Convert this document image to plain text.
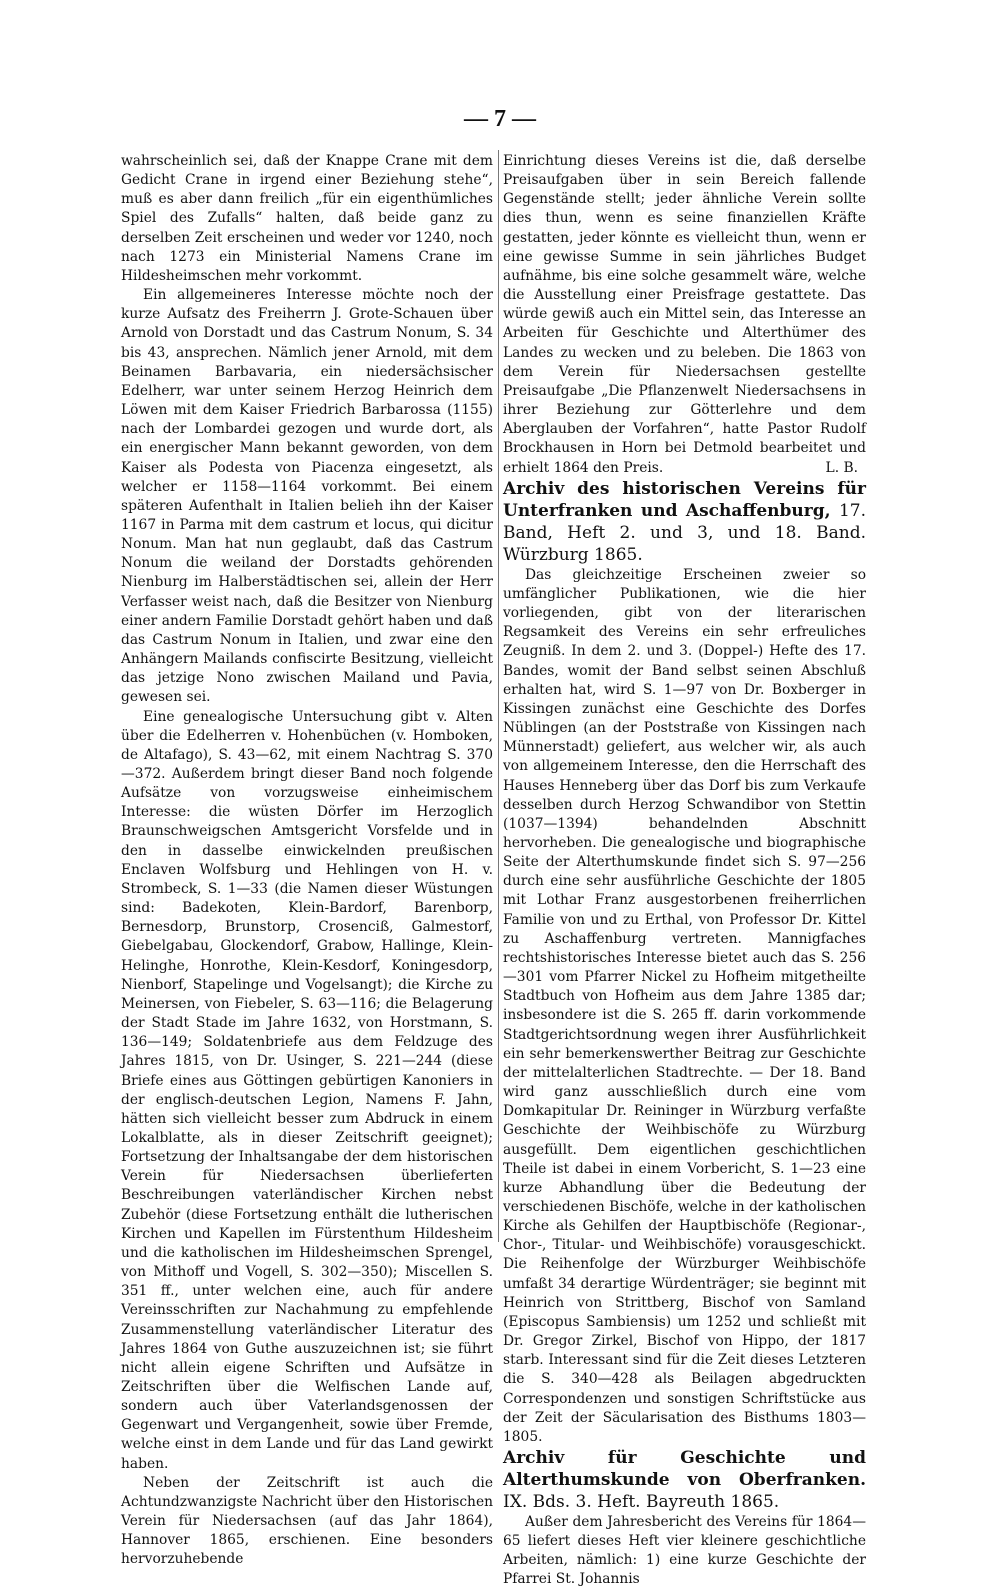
— 7 —

wahrscheinlich sei, daß der Knappe Crane mit dem Gedicht Crane in irgend einer Beziehung stehe“, muß es aber dann freilich „für ein eigenthümliches Spiel des Zufalls“ halten, daß beide ganz zu derselben Zeit erscheinen und weder vor 1240, noch nach 1273 ein Ministerial Namens Crane im Hildesheimschen mehr vorkommt.

Ein allgemeineres Interesse möchte noch der kurze Aufsatz des Freiherrn J. Grote-Schauen über Arnold von Dorstadt und das Castrum Nonum, S. 34 bis 43, ansprechen. Nämlich jener Arnold, mit dem Beinamen Barbavaria, ein niedersächsischer Edelherr, war unter seinem Herzog Heinrich dem Löwen mit dem Kaiser Friedrich Barbarossa (1155) nach der Lombardei gezogen und wurde dort, als ein energischer Mann bekannt geworden, von dem Kaiser als Podesta von Piacenza eingesetzt, als welcher er 1158—1164 vorkommt. Bei einem späteren Aufenthalt in Italien belieh ihn der Kaiser 1167 in Parma mit dem castrum et locus, qui dicitur Nonum. Man hat nun geglaubt, daß das Castrum Nonum die weiland der Dorstadts gehörenden Nienburg im Halberstädtischen sei, allein der Herr Verfasser weist nach, daß die Besitzer von Nienburg einer andern Familie Dorstadt gehört haben und daß das Castrum Nonum in Italien, und zwar eine den Anhängern Mailands confiscirte Besitzung, vielleicht das jetzige Nono zwischen Mailand und Pavia, gewesen sei.

Eine genealogische Untersuchung gibt v. Alten über die Edelherren v. Hohenbüchen (v. Homboken, de Altafago), S. 43—62, mit einem Nachtrag S. 370—372. Außerdem bringt dieser Band noch folgende Aufsätze von vorzugsweise einheimischem Interesse: die wüsten Dörfer im Herzoglich Braunschweigschen Amtsgericht Vorsfelde und in den in dasselbe einwickelnden preußischen Enclaven Wolfsburg und Hehlingen von H. v. Strombeck, S. 1—33 (die Namen dieser Wüstungen sind: Badekoten, Klein-Bardorf, Barenborp, Bernesdorp, Brunstorp, Crosenciß, Galmestorf, Giebelgabau, Glockendorf, Grabow, Hallinge, Klein-Helinghe, Honrothe, Klein-Kesdorf, Koningesdorp, Nienborf, Stapelinge und Vogelsangt); die Kirche zu Meinersen, von Fiebeler, S. 63—116; die Belagerung der Stadt Stade im Jahre 1632, von Horstmann, S. 136—149; Soldatenbriefe aus dem Feldzuge des Jahres 1815, von Dr. Usinger, S. 221—244 (diese Briefe eines aus Göttingen gebürtigen Kanoniers in der englisch-deutschen Legion, Namens F. Jahn, hätten sich vielleicht besser zum Abdruck in einem Lokalblatte, als in dieser Zeitschrift geeignet); Fortsetzung der Inhaltsangabe der dem historischen Verein für Niedersachsen überlieferten Beschreibungen vaterländischer Kirchen nebst Zubehör (diese Fortsetzung enthält die lutherischen Kirchen und Kapellen im Fürstenthum Hildesheim und die katholischen im Hildesheimschen Sprengel, von Mithoff und Vogell, S. 302—350); Miscellen S. 351 ff., unter welchen eine, auch für andere Vereinsschriften zur Nachahmung zu empfehlende Zusammenstellung vaterländischer Literatur des Jahres 1864 von Guthe auszuzeichnen ist; sie führt nicht allein eigene Schriften und Aufsätze in Zeitschriften über die Welfischen Lande auf, sondern auch über Vaterlandsgenossen der Gegenwart und Vergangenheit, sowie über Fremde, welche einst in dem Lande und für das Land gewirkt haben.

Neben der Zeitschrift ist auch die Achtundzwanzigste Nachricht über den Historischen Verein für Niedersachsen (auf das Jahr 1864), Hannover 1865, erschienen. Eine besonders hervorzuhebende

Einrichtung dieses Vereins ist die, daß derselbe Preisaufgaben über in sein Bereich fallende Gegenstände stellt; jeder ähnliche Verein sollte dies thun, wenn es seine finanziellen Kräfte gestatten, jeder könnte es vielleicht thun, wenn er eine gewisse Summe in sein jährliches Budget aufnähme, bis eine solche gesammelt wäre, welche die Ausstellung einer Preisfrage gestattete. Das würde gewiß auch ein Mittel sein, das Interesse an Arbeiten für Geschichte und Alterthümer des Landes zu wecken und zu beleben. Die 1863 von dem Verein für Niedersachsen gestellte Preisaufgabe „Die Pflanzenwelt Niedersachsens in ihrer Beziehung zur Götterlehre und dem Aberglauben der Vorfahren“, hatte Pastor Rudolf Brockhausen in Horn bei Detmold bearbeitet und erhielt 1864 den Preis.	L. B.

Archiv des historischen Vereins für Unterfranken und Aschaffenburg, 17. Band, Heft 2. und 3, und 18. Band. Würzburg 1865.

Das gleichzeitige Erscheinen zweier so umfänglicher Publikationen, wie die hier vorliegenden, gibt von der literarischen Regsamkeit des Vereins ein sehr erfreuliches Zeugniß. In dem 2. und 3. (Doppel-) Hefte des 17. Bandes, womit der Band selbst seinen Abschluß erhalten hat, wird S. 1—97 von Dr. Boxberger in Kissingen zunächst eine Geschichte des Dorfes Nüblingen (an der Poststraße von Kissingen nach Münnerstadt) geliefert, aus welcher wir, als auch von allgemeinem Interesse, den die Herrschaft des Hauses Henneberg über das Dorf bis zum Verkaufe desselben durch Herzog Schwandibor von Stettin (1037—1394) behandelnden Abschnitt hervorheben. Die genealogische und biographische Seite der Alterthumskunde findet sich S. 97—256 durch eine sehr ausführliche Geschichte der 1805 mit Lothar Franz ausgestorbenen freiherrlichen Familie von und zu Erthal, von Professor Dr. Kittel zu Aschaffenburg vertreten. Mannigfaches rechtshistorisches Interesse bietet auch das S. 256—301 vom Pfarrer Nickel zu Hofheim mitgetheilte Stadtbuch von Hofheim aus dem Jahre 1385 dar; insbesondere ist die S. 265 ff. darin vorkommende Stadtgerichtsordnung wegen ihrer Ausführlichkeit ein sehr bemerkenswerther Beitrag zur Geschichte der mittelalterlichen Stadtrechte. — Der 18. Band wird ganz ausschließlich durch eine vom Domkapitular Dr. Reininger in Würzburg verfaßte Geschichte der Weihbischöfe zu Würzburg ausgefüllt. Dem eigentlichen geschichtlichen Theile ist dabei in einem Vorbericht, S. 1—23 eine kurze Abhandlung über die Bedeutung der verschiedenen Bischöfe, welche in der katholischen Kirche als Gehilfen der Hauptbischöfe (Regionar-, Chor-, Titular- und Weihbischöfe) vorausgeschickt. Die Reihenfolge der Würzburger Weihbischöfe umfaßt 34 derartige Würdenträger; sie beginnt mit Heinrich von Strittberg, Bischof von Samland (Episcopus Sambiensis) um 1252 und schließt mit Dr. Gregor Zirkel, Bischof von Hippo, der 1817 starb. Interessant sind für die Zeit dieses Letzteren die S. 340—428 als Beilagen abgedruckten Correspondenzen und sonstigen Schriftstücke aus der Zeit der Säcularisation des Bisthums 1803—1805.

Archiv für Geschichte und Alterthumskunde von Oberfranken. IX. Bds. 3. Heft. Bayreuth 1865.

Außer dem Jahresbericht des Vereins für 1864—65 liefert dieses Heft vier kleinere geschichtliche Arbeiten, nämlich: 1) eine kurze Geschichte der Pfarrei St. Johannis
